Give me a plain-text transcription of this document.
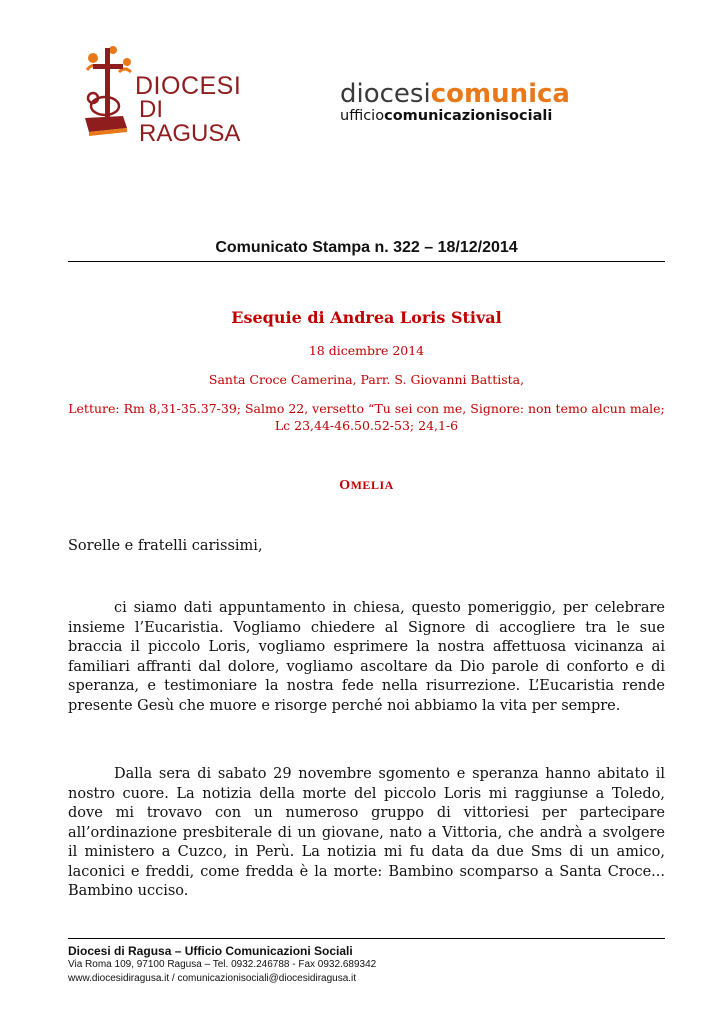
DIOCESI
DI RAGUSA
diocesicomunica
ufficiocomunicazionisociali
Comunicato Stampa n. 322 – 18/12/2014
Esequie di Andrea Loris Stival
18 dicembre 2014
Santa Croce Camerina, Parr. S. Giovanni Battista,
Letture: Rm 8,31-35.37-39; Salmo 22, versetto “Tu sei con me, Signore: non temo alcun male; Lc 23,44-46.50.52-53; 24,1-6
OMELIA
Sorelle e fratelli carissimi,

ci siamo dati appuntamento in chiesa, questo pomeriggio, per celebrare insieme l’Eucaristia. Vogliamo chiedere al Signore di accogliere tra le sue braccia il piccolo Loris, vogliamo esprimere la nostra affettuosa vicinanza ai familiari affranti dal dolore, vogliamo ascoltare da Dio parole di conforto e di speranza, e testimoniare la nostra fede nella risurrezione. L’Eucaristia rende presente Gesù che muore e risorge perché noi abbiamo la vita per sempre.

Dalla sera di sabato 29 novembre sgomento e speranza hanno abitato il nostro cuore. La notizia della morte del piccolo Loris mi raggiunse a Toledo, dove mi trovavo con un numeroso gruppo di vittoriesi per partecipare all’ordinazione presbiterale di un giovane, nato a Vittoria, che andrà a svolgere il ministero a Cuzco, in Perù. La notizia mi fu data da due Sms di un amico, laconici e freddi, come fredda è la morte: Bambino scomparso a Santa Croce... Bambino ucciso.

Diocesi di Ragusa – Ufficio Comunicazioni Sociali
Via Roma 109, 97100 Ragusa – Tel. 0932.246788 - Fax 0932.689342
www.diocesidiragusa.it / comunicazionisociali@diocesidiragusa.it
